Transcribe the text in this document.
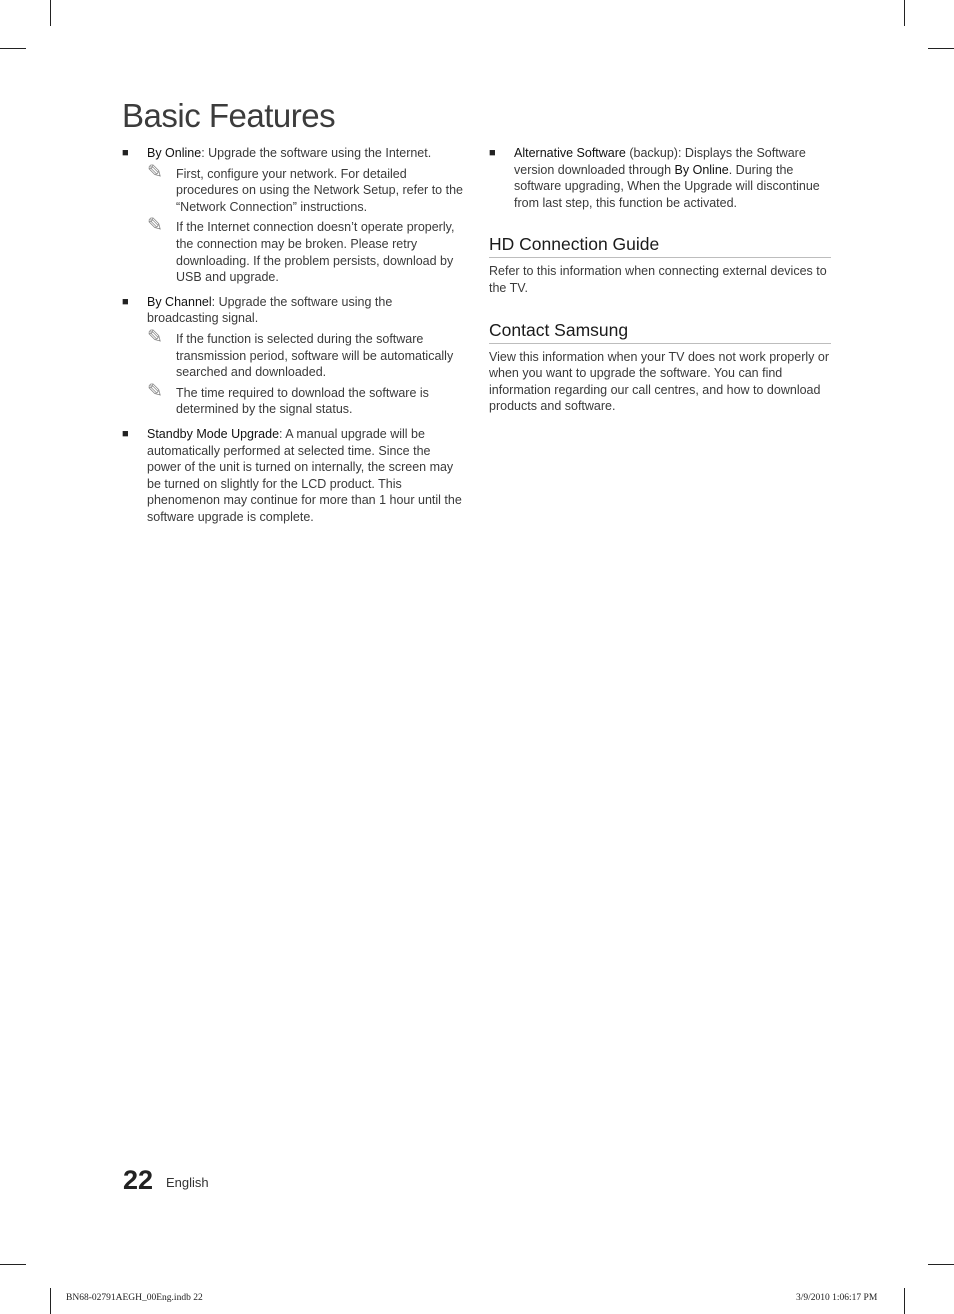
Basic Features
■ By Online: Upgrade the software using the Internet.
✎ First, configure your network. For detailed procedures on using the Network Setup, refer to the “Network Connection” instructions.
✎ If the Internet connection doesn’t operate properly, the connection may be broken. Please retry downloading. If the problem persists, download by USB and upgrade.
■ By Channel: Upgrade the software using the broadcasting signal.
✎ If the function is selected during the software transmission period, software will be automatically searched and downloaded.
✎ The time required to download the software is determined by the signal status.
■ Standby Mode Upgrade: A manual upgrade will be automatically performed at selected time. Since the power of the unit is turned on internally, the screen may be turned on slightly for the LCD product. This phenomenon may continue for more than 1 hour until the software upgrade is complete.
■ Alternative Software (backup): Displays the Software version downloaded through By Online. During the software upgrading, When the Upgrade will discontinue from last step, this function be activated.
HD Connection Guide
Refer to this information when connecting external devices to the TV.
Contact Samsung
View this information when your TV does not work properly or when you want to upgrade the software. You can find information regarding our call centres, and how to download products and software.
22 English
BN68-02791AEGH_00Eng.indb 22	3/9/2010 1:06:17 PM
